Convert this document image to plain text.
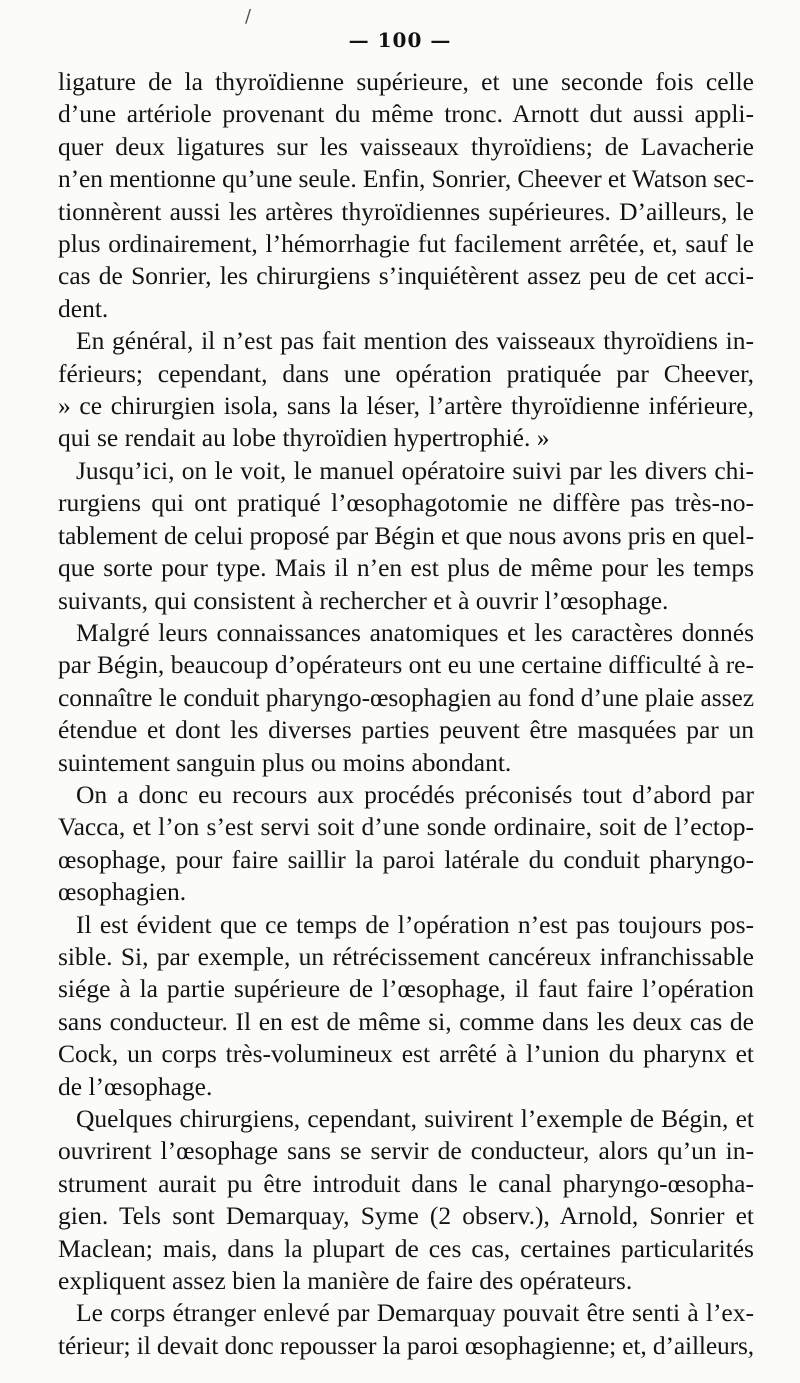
— 100 —
ligature de la thyroïdienne supérieure, et une seconde fois celle
d’une artériole provenant du même tronc. Arnott dut aussi appli-
quer deux ligatures sur les vaisseaux thyroïdiens; de Lavacherie
n’en mentionne qu’une seule. Enfin, Sonrier, Cheever et Watson sec-
tionnèrent aussi les artères thyroïdiennes supérieures. D’ailleurs, le
plus ordinairement, l’hémorrhagie fut facilement arrêtée, et, sauf le
cas de Sonrier, les chirurgiens s’inquiétèrent assez peu de cet acci-
dent.
En général, il n’est pas fait mention des vaisseaux thyroïdiens in-
férieurs; cependant, dans une opération pratiquée par Cheever,
» ce chirurgien isola, sans la léser, l’artère thyroïdienne inférieure,
qui se rendait au lobe thyroïdien hypertrophié. »
Jusqu’ici, on le voit, le manuel opératoire suivi par les divers chi-
rurgiens qui ont pratiqué l’œsophagotomie ne diffère pas très-no-
tablement de celui proposé par Bégin et que nous avons pris en quel-
que sorte pour type. Mais il n’en est plus de même pour les temps
suivants, qui consistent à rechercher et à ouvrir l’œsophage.
Malgré leurs connaissances anatomiques et les caractères donnés
par Bégin, beaucoup d’opérateurs ont eu une certaine difficulté à re-
connaître le conduit pharyngo-œsophagien au fond d’une plaie assez
étendue et dont les diverses parties peuvent être masquées par un
suintement sanguin plus ou moins abondant.
On a donc eu recours aux procédés préconisés tout d’abord par
Vacca, et l’on s’est servi soit d’une sonde ordinaire, soit de l’ectop-
œsophage, pour faire saillir la paroi latérale du conduit pharyngo-
œsophagien.
Il est évident que ce temps de l’opération n’est pas toujours pos-
sible. Si, par exemple, un rétrécissement cancéreux infranchissable
siége à la partie supérieure de l’œsophage, il faut faire l’opération
sans conducteur. Il en est de même si, comme dans les deux cas de
Cock, un corps très-volumineux est arrêté à l’union du pharynx et
de l’œsophage.
Quelques chirurgiens, cependant, suivirent l’exemple de Bégin, et
ouvrirent l’œsophage sans se servir de conducteur, alors qu’un in-
strument aurait pu être introduit dans le canal pharyngo-œsopha-
gien. Tels sont Demarquay, Syme (2 observ.), Arnold, Sonrier et
Maclean; mais, dans la plupart de ces cas, certaines particularités
expliquent assez bien la manière de faire des opérateurs.
Le corps étranger enlevé par Demarquay pouvait être senti à l’ex-
térieur; il devait donc repousser la paroi œsophagienne; et, d’ailleurs,
/
